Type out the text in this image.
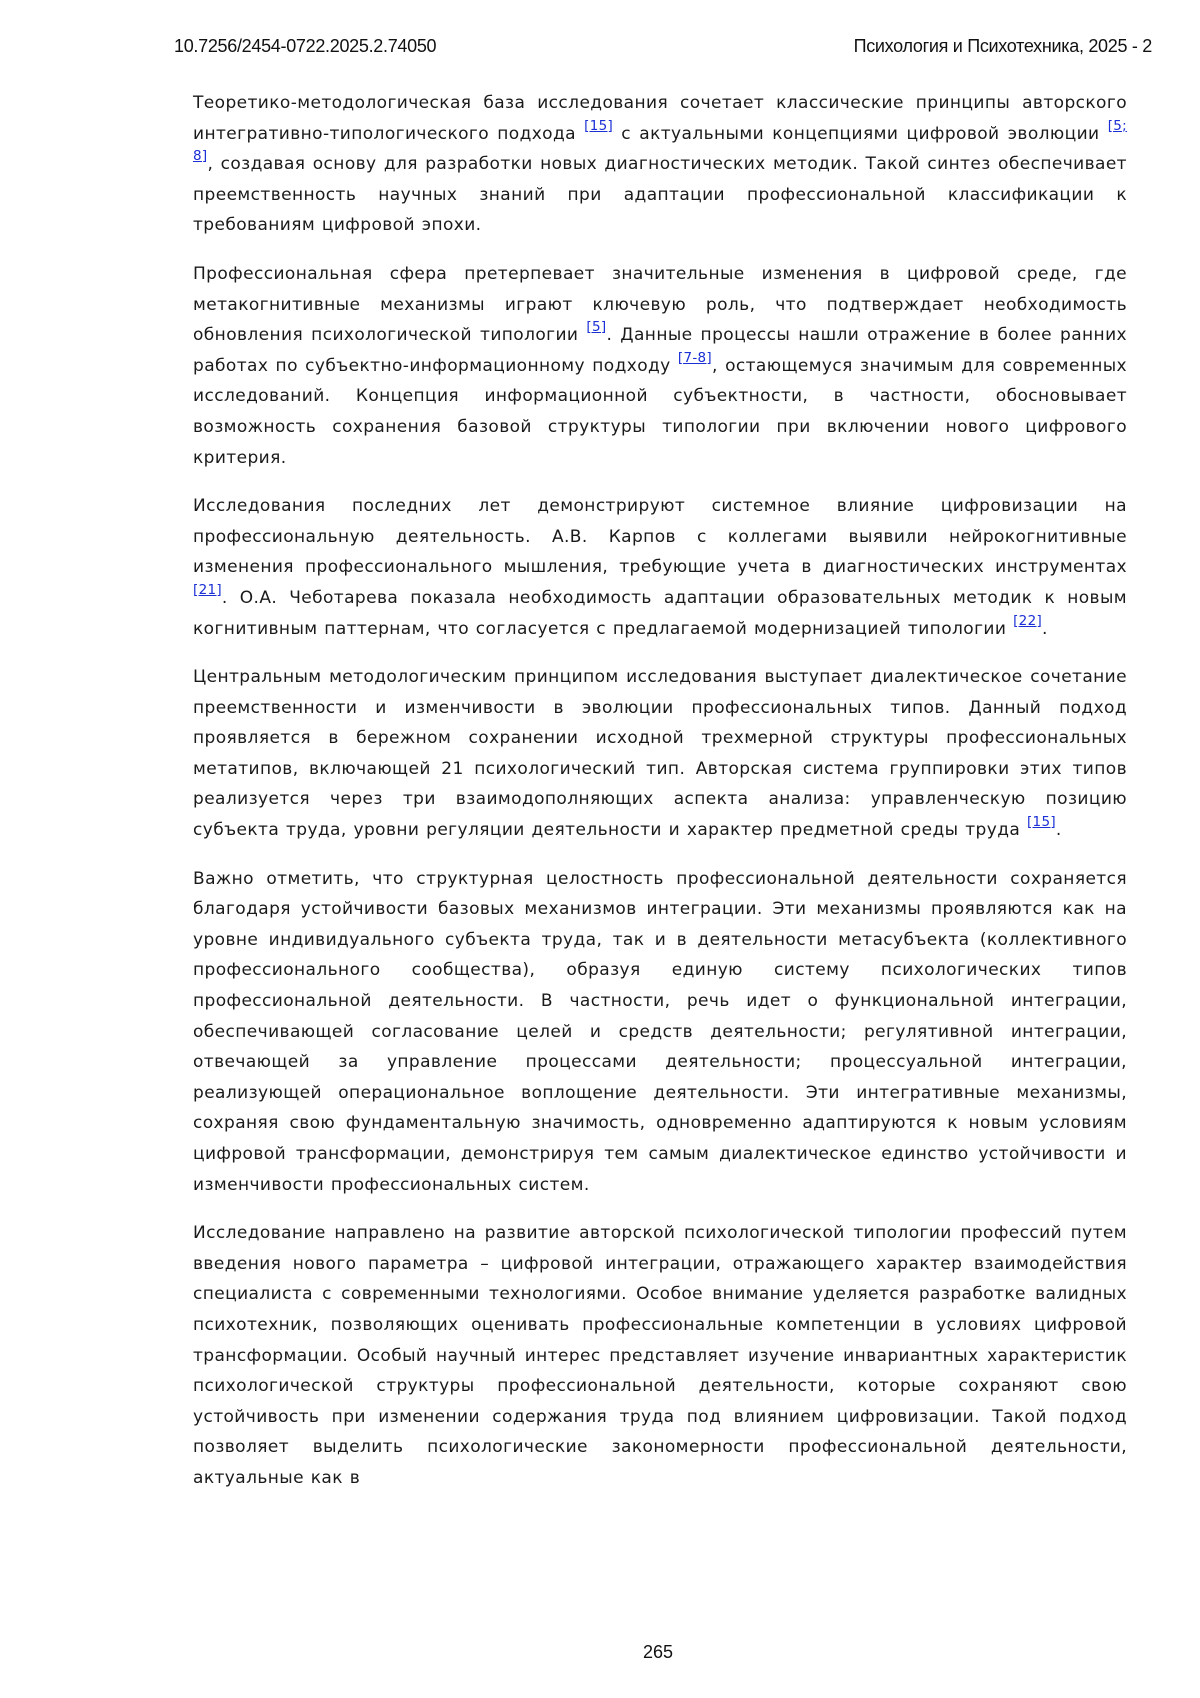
10.7256/2454-0722.2025.2.74050	Психология и Психотехника, 2025 - 2

Теоретико-методологическая база исследования сочетает классические принципы авторского интегративно-типологического подхода [15] с актуальными концепциями цифровой эволюции [5; 8], создавая основу для разработки новых диагностических методик. Такой синтез обеспечивает преемственность научных знаний при адаптации профессиональной классификации к требованиям цифровой эпохи.

Профессиональная сфера претерпевает значительные изменения в цифровой среде, где метакогнитивные механизмы играют ключевую роль, что подтверждает необходимость обновления психологической типологии [5]. Данные процессы нашли отражение в более ранних работах по субъектно-информационному подходу [7-8], остающемуся значимым для современных исследований. Концепция информационной субъектности, в частности, обосновывает возможность сохранения базовой структуры типологии при включении нового цифрового критерия.

Исследования последних лет демонстрируют системное влияние цифровизации на профессиональную деятельность. А.В. Карпов с коллегами выявили нейрокогнитивные изменения профессионального мышления, требующие учета в диагностических инструментах [21]. О.А. Чеботарева показала необходимость адаптации образовательных методик к новым когнитивным паттернам, что согласуется с предлагаемой модернизацией типологии [22].

Центральным методологическим принципом исследования выступает диалектическое сочетание преемственности и изменчивости в эволюции профессиональных типов. Данный подход проявляется в бережном сохранении исходной трехмерной структуры профессиональных метатипов, включающей 21 психологический тип. Авторская система группировки этих типов реализуется через три взаимодополняющих аспекта анализа: управленческую позицию субъекта труда, уровни регуляции деятельности и характер предметной среды труда [15].

Важно отметить, что структурная целостность профессиональной деятельности сохраняется благодаря устойчивости базовых механизмов интеграции. Эти механизмы проявляются как на уровне индивидуального субъекта труда, так и в деятельности метасубъекта (коллективного профессионального сообщества), образуя единую систему психологических типов профессиональной деятельности. В частности, речь идет о функциональной интеграции, обеспечивающей согласование целей и средств деятельности; регулятивной интеграции, отвечающей за управление процессами деятельности; процессуальной интеграции, реализующей операциональное воплощение деятельности. Эти интегративные механизмы, сохраняя свою фундаментальную значимость, одновременно адаптируются к новым условиям цифровой трансформации, демонстрируя тем самым диалектическое единство устойчивости и изменчивости профессиональных систем.

Исследование направлено на развитие авторской психологической типологии профессий путем введения нового параметра – цифровой интеграции, отражающего характер взаимодействия специалиста с современными технологиями. Особое внимание уделяется разработке валидных психотехник, позволяющих оценивать профессиональные компетенции в условиях цифровой трансформации. Особый научный интерес представляет изучение инвариантных характеристик психологической структуры профессиональной деятельности, которые сохраняют свою устойчивость при изменении содержания труда под влиянием цифровизации. Такой подход позволяет выделить психологические закономерности профессиональной деятельности, актуальные как в

265
